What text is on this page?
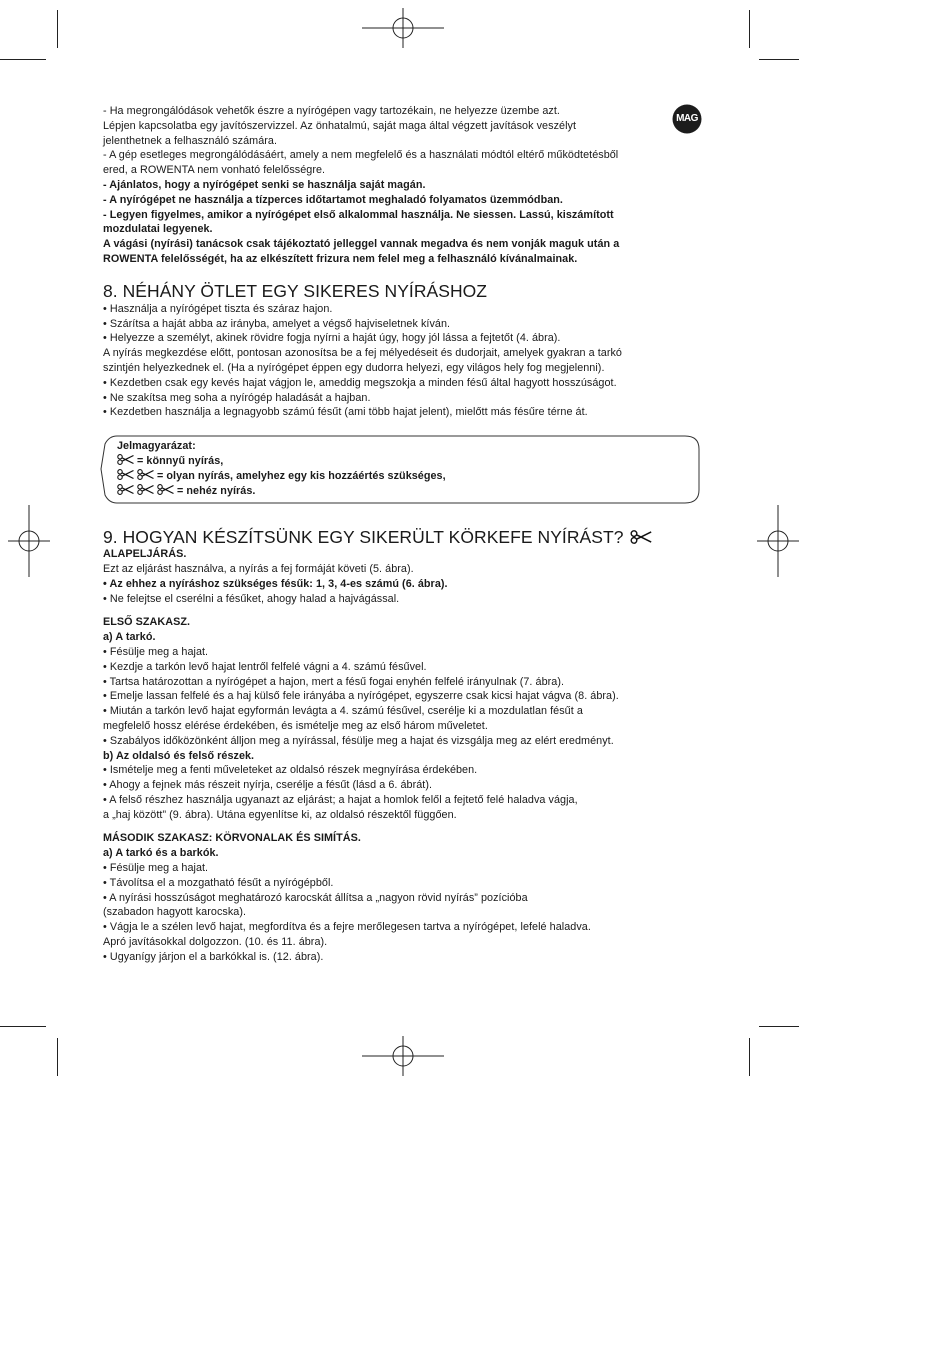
MAG

- Ha megrongálódások vehetők észre a nyírógépen vagy tartozékain, ne helyezze üzembe azt.

Lépjen kapcsolatba egy javítószervizzel. Az önhatalmú, saját maga által végzett javítások veszélyt

jelenthetnek a felhasználó számára.

- A gép esetleges megrongálódásáért, amely a nem megfelelő és a használati módtól eltérő működtetésből

ered, a ROWENTA nem vonható felelősségre.

- Ajánlatos, hogy a nyírógépet senki se használja saját magán.

- A nyírógépet ne használja a tízperces időtartamot meghaladó folyamatos üzemmódban.

- Legyen figyelmes, amikor a nyírógépet első alkalommal használja. Ne siessen. Lassú, kiszámított

mozdulatai legyenek.

A vágási (nyírási) tanácsok csak tájékoztató jelleggel vannak megadva és nem vonják maguk után a

ROWENTA felelősségét, ha az elkészített frizura nem felel meg a felhasználó kívánalmainak.

8. NÉHÁNY ÖTLET EGY SIKERES NYÍRÁSHOZ

• Használja a nyírógépet tiszta és száraz hajon.

• Szárítsa a haját abba az irányba, amelyet a végső hajviseletnek kíván.

• Helyezze a személyt, akinek rövidre fogja nyírni a haját úgy, hogy jól lássa a fejtetőt (4. ábra).

A nyírás megkezdése előtt, pontosan azonosítsa be a fej mélyedéseit és dudorjait, amelyek gyakran a tarkó

szintjén helyezkednek el. (Ha a nyírógépet éppen egy dudorra helyezi, egy világos hely fog megjelenni).

• Kezdetben csak egy kevés hajat vágjon le, ameddig megszokja a minden fésű által hagyott hosszúságot.

• Ne szakítsa meg soha a nyírógép haladását a hajban.

• Kezdetben használja a legnagyobb számú fésűt (ami több hajat jelent), mielőtt más fésűre térne át.

Jelmagyarázat:

= könnyű nyírás,

= olyan nyírás, amelyhez egy kis hozzáértés szükséges,

= nehéz nyírás.

9. HOGYAN KÉSZÍTSÜNK EGY SIKERÜLT KÖRKEFE NYÍRÁST?

ALAPELJÁRÁS.

Ezt az eljárást használva, a nyírás a fej formáját követi (5. ábra).

• Az ehhez a nyíráshoz szükséges fésűk: 1, 3, 4-es számú (6. ábra).

• Ne felejtse el cserélni a fésűket, ahogy halad a hajvágással.

ELSŐ SZAKASZ.

a) A tarkó.

• Fésülje meg a hajat.

• Kezdje a tarkón levő hajat lentről felfelé vágni a 4. számú fésűvel.

• Tartsa határozottan a nyírógépet a hajon, mert a fésű fogai enyhén felfelé irányulnak (7. ábra).

• Emelje lassan felfelé és a haj külső fele irányába a nyírógépet, egyszerre csak kicsi hajat vágva (8. ábra).

• Miután a tarkón levő hajat egyformán levágta a 4. számú fésűvel, cserélje ki a mozdulatlan fésűt a

megfelelő hossz elérése érdekében, és ismételje meg az első három műveletet.

• Szabályos időközönként álljon meg a nyírással, fésülje meg a hajat és vizsgálja meg az elért eredményt.

b) Az oldalsó és felső részek.

• Ismételje meg a fenti műveleteket az oldalsó részek megnyírása érdekében.

• Ahogy a fejnek más részeit nyírja, cserélje a fésűt (lásd a 6. ábrát).

• A felső részhez használja ugyanazt az eljárást; a hajat a homlok felől a fejtető felé haladva vágja,

a „haj között” (9. ábra). Utána egyenlítse ki, az oldalsó részektől függően.

MÁSODIK SZAKASZ: KÖRVONALAK ÉS SIMÍTÁS.

a) A tarkó és a barkók.

• Fésülje meg a hajat.

• Távolítsa el a mozgatható fésűt a nyírógépből.

• A nyírási hosszúságot meghatározó karocskát állítsa a „nagyon rövid nyírás” pozícióba

(szabadon hagyott karocska).

• Vágja le a szélen levő hajat, megfordítva és a fejre merőlegesen tartva a nyírógépet, lefelé haladva.

Apró javításokkal dolgozzon. (10. és 11. ábra).

• Ugyanígy járjon el a barkókkal is. (12. ábra).
